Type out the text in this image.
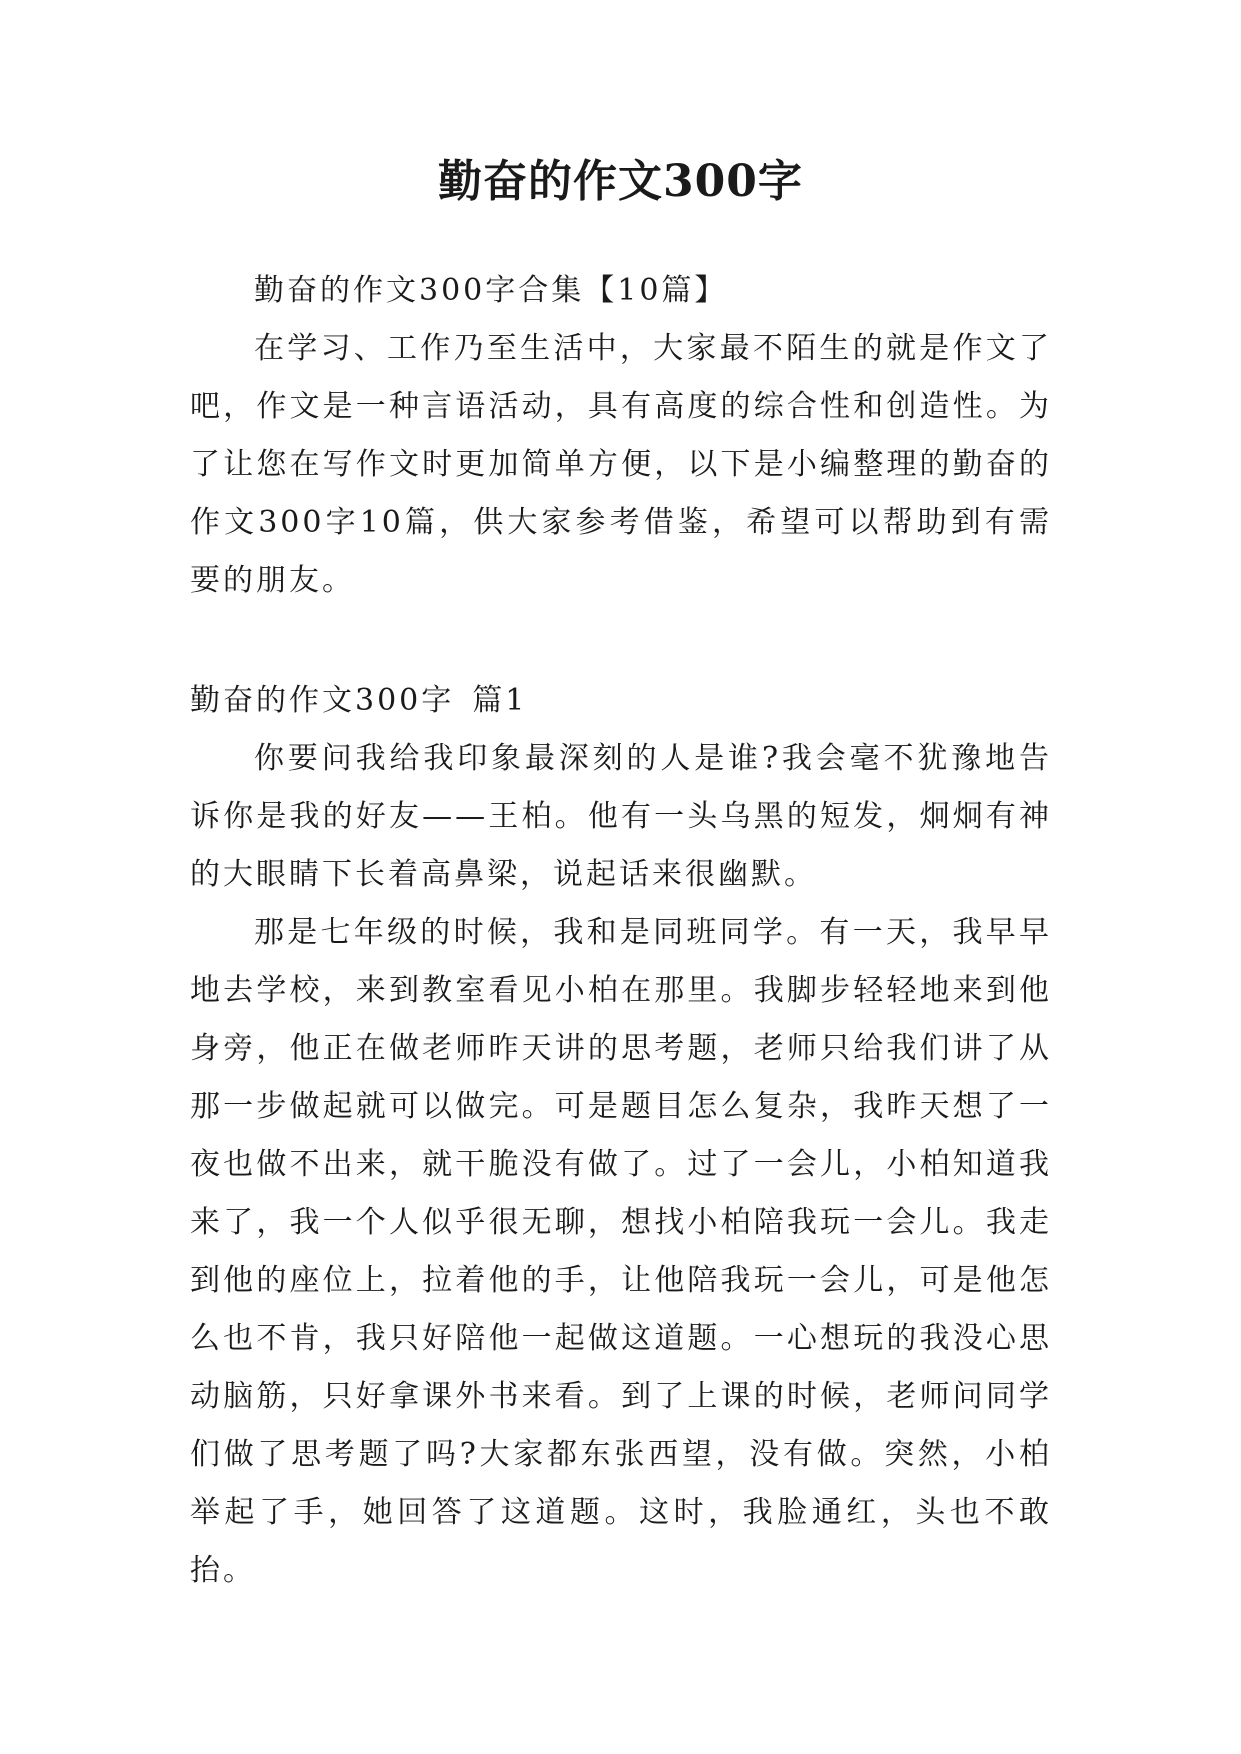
勤奋的作文300字

勤奋的作文300字合集【10篇】

在学习、工作乃至生活中，大家最不陌生的就是作文了吧，作文是一种言语活动，具有高度的综合性和创造性。为了让您在写作文时更加简单方便，以下是小编整理的勤奋的作文300字10篇，供大家参考借鉴，希望可以帮助到有需要的朋友。

勤奋的作文300字 篇1

你要问我给我印象最深刻的人是谁?我会毫不犹豫地告诉你是我的好友——王柏。他有一头乌黑的短发，炯炯有神的大眼睛下长着高鼻梁，说起话来很幽默。

那是七年级的时候，我和是同班同学。有一天，我早早地去学校，来到教室看见小柏在那里。我脚步轻轻地来到他身旁，他正在做老师昨天讲的思考题，老师只给我们讲了从那一步做起就可以做完。可是题目怎么复杂，我昨天想了一夜也做不出来，就干脆没有做了。过了一会儿，小柏知道我来了，我一个人似乎很无聊，想找小柏陪我玩一会儿。我走到他的座位上，拉着他的手，让他陪我玩一会儿，可是他怎么也不肯，我只好陪他一起做这道题。一心想玩的我没心思动脑筋，只好拿课外书来看。到了上课的时候，老师问同学们做了思考题了吗?大家都东张西望，没有做。突然，小柏举起了手，她回答了这道题。这时，我脸通红，头也不敢抬。
